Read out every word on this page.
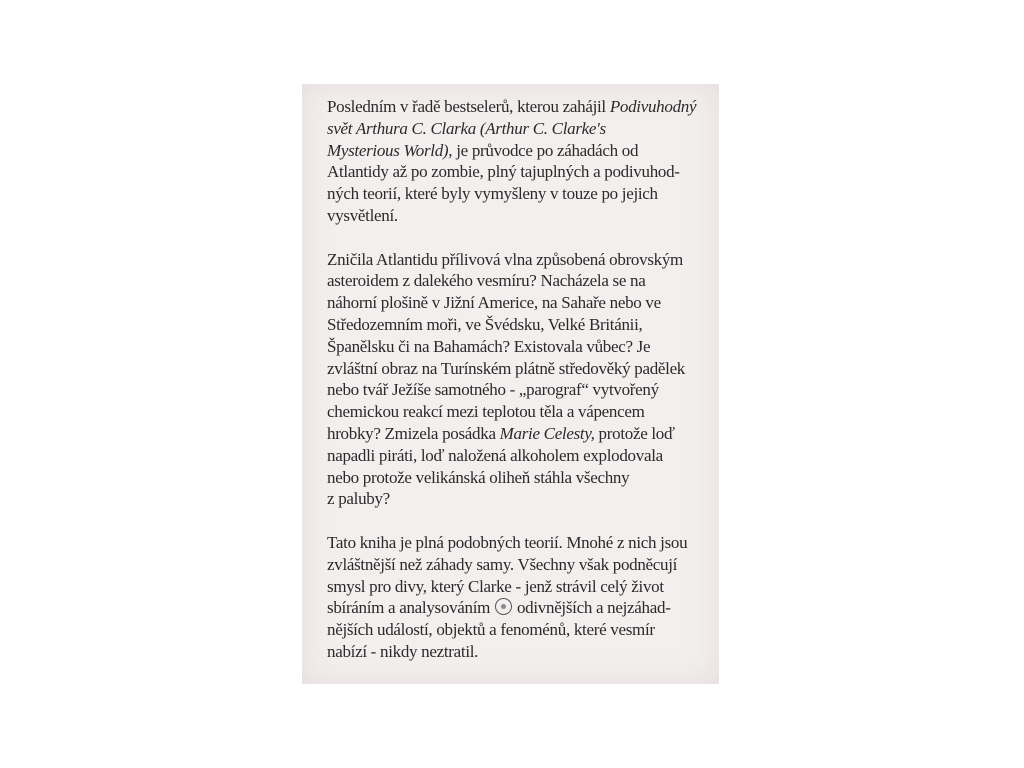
Posledním v řadě bestselerů, kterou zahájil Podivuhodný
svět Arthura C. Clarka (Arthur C. Clarke's
Mysterious World), je průvodce po záhadách od
Atlantidy až po zombie, plný tajuplných a podivuhod-
ných teorií, které byly vymyšleny v touze po jejich
vysvětlení.
Zničila Atlantidu přílivová vlna způsobená obrovským
asteroidem z dalekého vesmíru? Nacházela se na
náhorní plošině v Jižní Americe, na Sahaře nebo ve
Středozemním moři, ve Švédsku, Velké Británii,
Španělsku či na Bahamách? Existovala vůbec? Je
zvláštní obraz na Turínském plátně středověký padělek
nebo tvář Ježíše samotného - „parograf“ vytvořený
chemickou reakcí mezi teplotou těla a vápencem
hrobky? Zmizela posádka Marie Celesty, protože loď
napadli piráti, loď naložená alkoholem explodovala
nebo protože velikánská oliheň stáhla všechny
z paluby?
Tato kniha je plná podobných teorií. Mnohé z nich jsou
zvláštnější než záhady samy. Všechny však podněcují
smysl pro divy, který Clarke - jenž strávil celý život
sbíráním a analysováním  odivnějších a nejzáhad-
nějších událostí, objektů a fenoménů, které vesmír
nabízí - nikdy neztratil.
